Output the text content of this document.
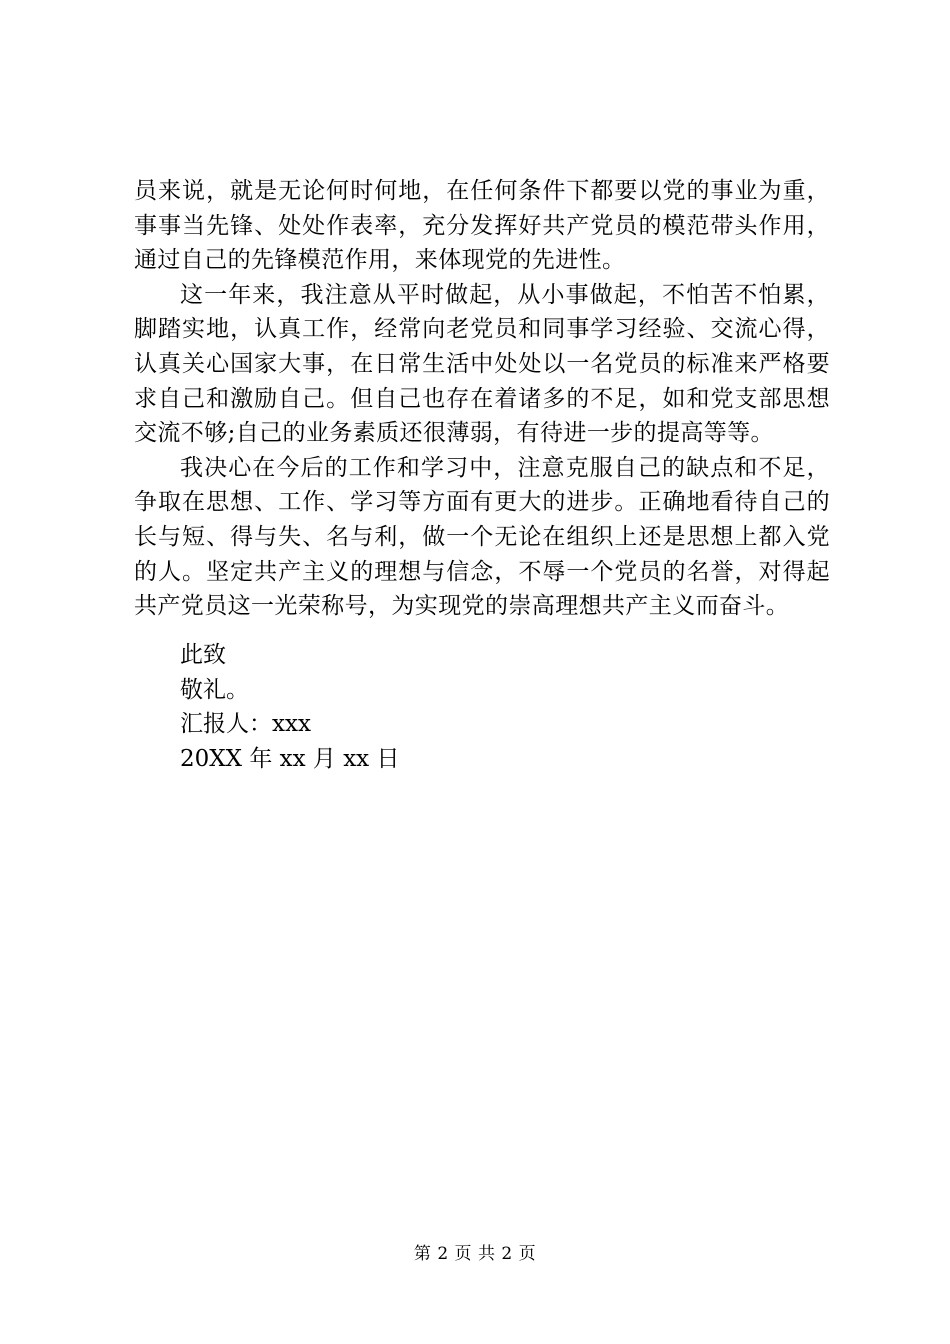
员来说，就是无论何时何地，在任何条件下都要以党的事业为重，事事当先锋、处处作表率，充分发挥好共产党员的模范带头作用，通过自己的先锋模范作用，来体现党的先进性。

这一年来，我注意从平时做起，从小事做起，不怕苦不怕累，脚踏实地，认真工作，经常向老党员和同事学习经验、交流心得，认真关心国家大事，在日常生活中处处以一名党员的标准来严格要求自己和激励自己。但自己也存在着诸多的不足，如和党支部思想交流不够;自己的业务素质还很薄弱，有待进一步的提高等等。

我决心在今后的工作和学习中，注意克服自己的缺点和不足，争取在思想、工作、学习等方面有更大的进步。正确地看待自己的长与短、得与失、名与利，做一个无论在组织上还是思想上都入党的人。坚定共产主义的理想与信念，不辱一个党员的名誉，对得起共产党员这一光荣称号，为实现党的崇高理想共产主义而奋斗。

此致
敬礼。
汇报人：xxx
20XX 年 xx 月 xx 日
第 2 页 共 2 页
